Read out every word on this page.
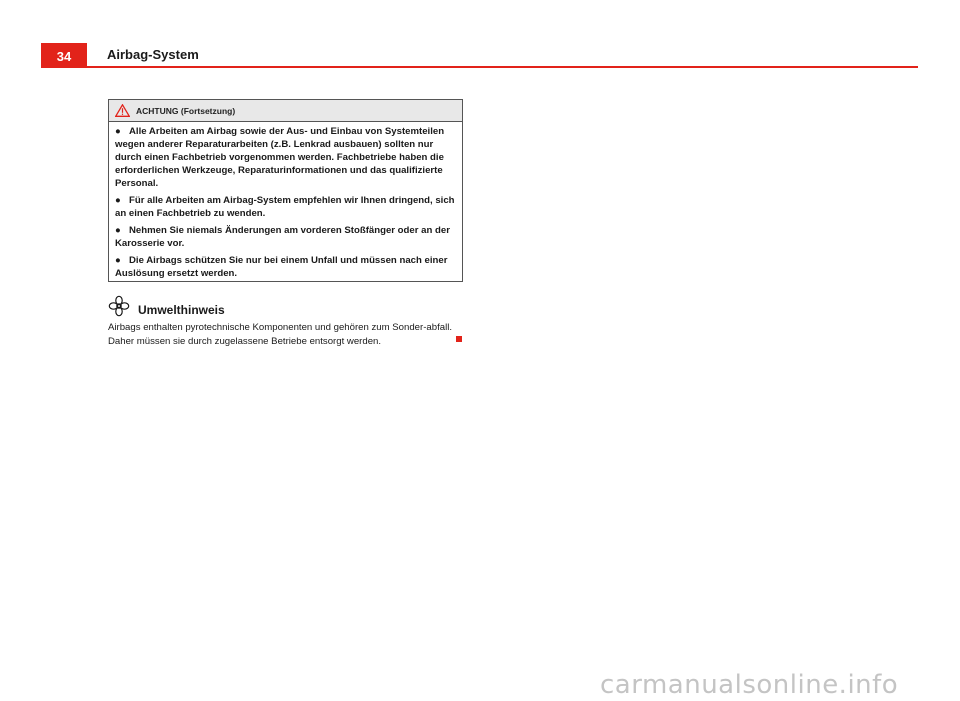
34	Airbag-System
ACHTUNG (Fortsetzung)

● Alle Arbeiten am Airbag sowie der Aus- und Einbau von Systemteilen wegen anderer Reparaturarbeiten (z.B. Lenkrad ausbauen) sollten nur durch einen Fachbetrieb vorgenommen werden. Fachbetriebe haben die erforderlichen Werkzeuge, Reparaturinformationen und das qualifizierte Personal.

● Für alle Arbeiten am Airbag-System empfehlen wir Ihnen dringend, sich an einen Fachbetrieb zu wenden.

● Nehmen Sie niemals Änderungen am vorderen Stoßfänger oder an der Karosserie vor.

● Die Airbags schützen Sie nur bei einem Unfall und müssen nach einer Auslösung ersetzt werden.

Umwelthinweis

Airbags enthalten pyrotechnische Komponenten und gehören zum Sonder-abfall. Daher müssen sie durch zugelassene Betriebe entsorgt werden.

carmanualsonline.info
